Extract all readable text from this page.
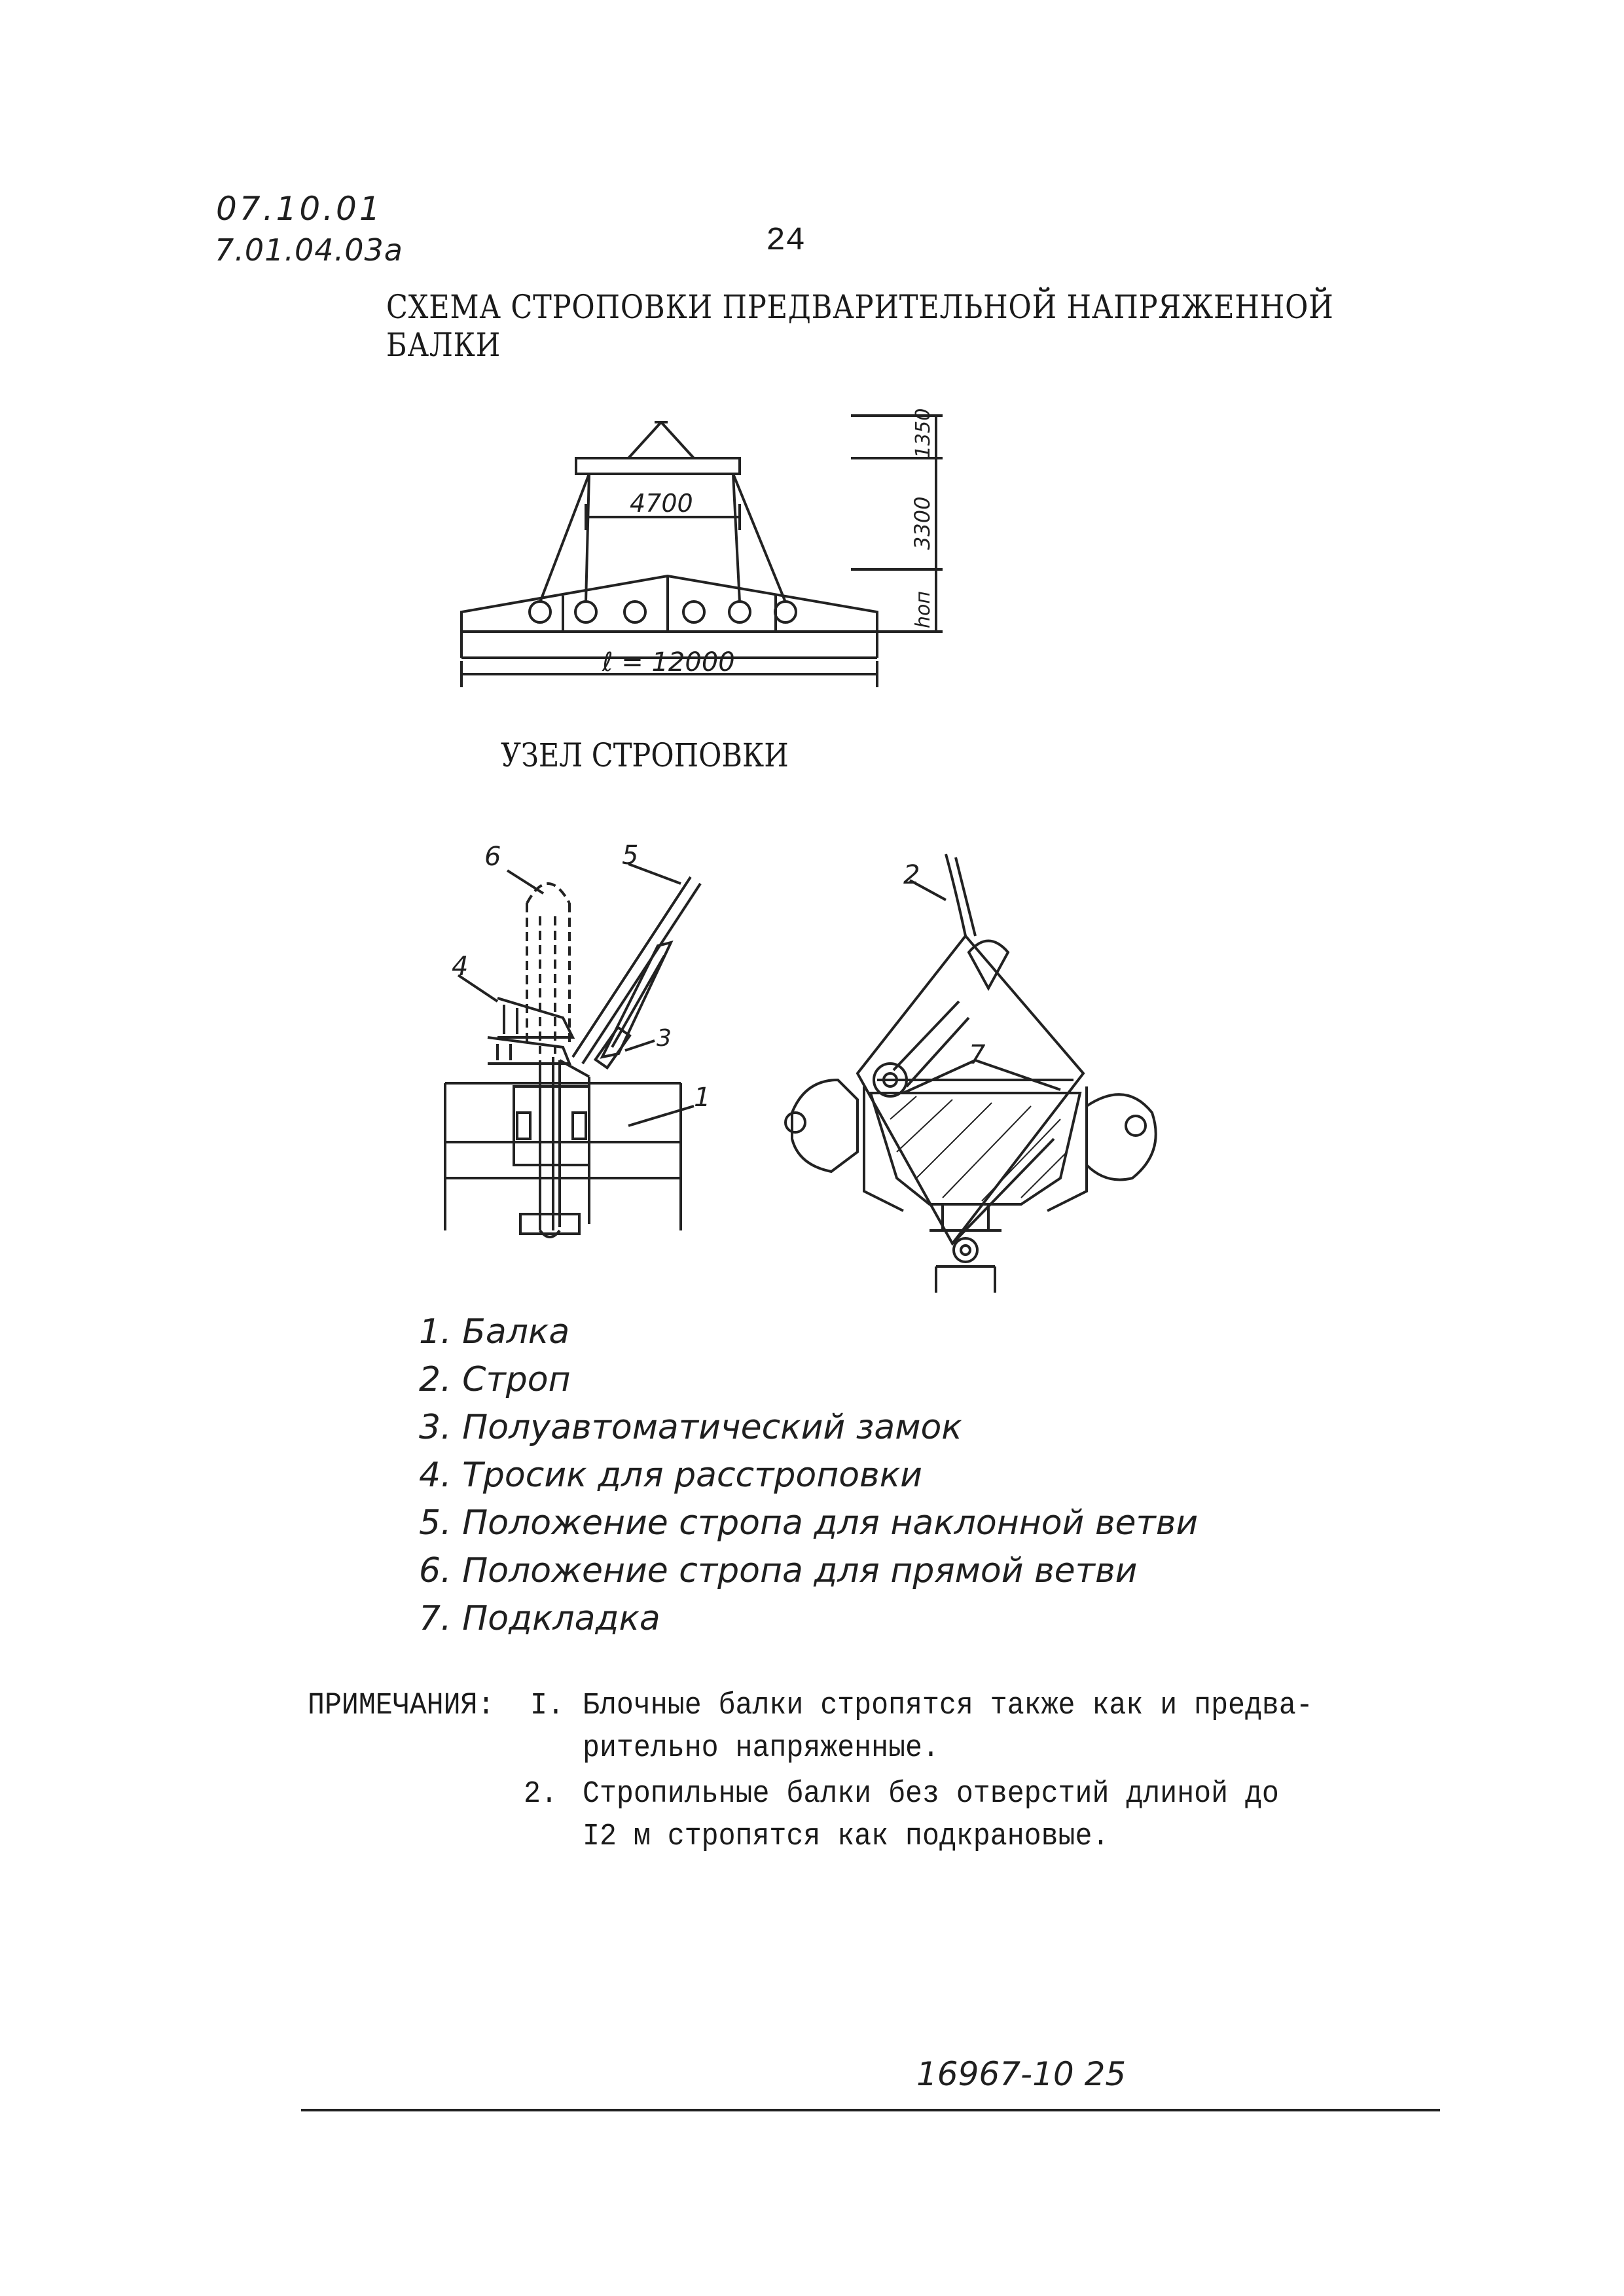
07.10.01
7.01.04.03a	24
СХЕМА СТРОПОВКИ ПРЕДВАРИТЕЛЬНОЙ НАПРЯЖЕННОЙ БАЛКИ
4700
ℓ = 12000
1350
3300
hоп
УЗЕЛ СТРОПОВКИ
6	5
4
3
1
2
7
1. Балка
2. Строп
3. Полуавтоматический замок
4. Тросик для расстроповки
5. Положение стропа для наклонной ветви
6. Положение стропа для прямой ветви
7. Подкладка
ПРИМЕЧАНИЯ: I. Блочные балки стропятся также как и предва-
рительно напряженные.
2. Стропильные балки без отверстий длиной до
I2 м стропятся как подкрановые.
16967-10 25
